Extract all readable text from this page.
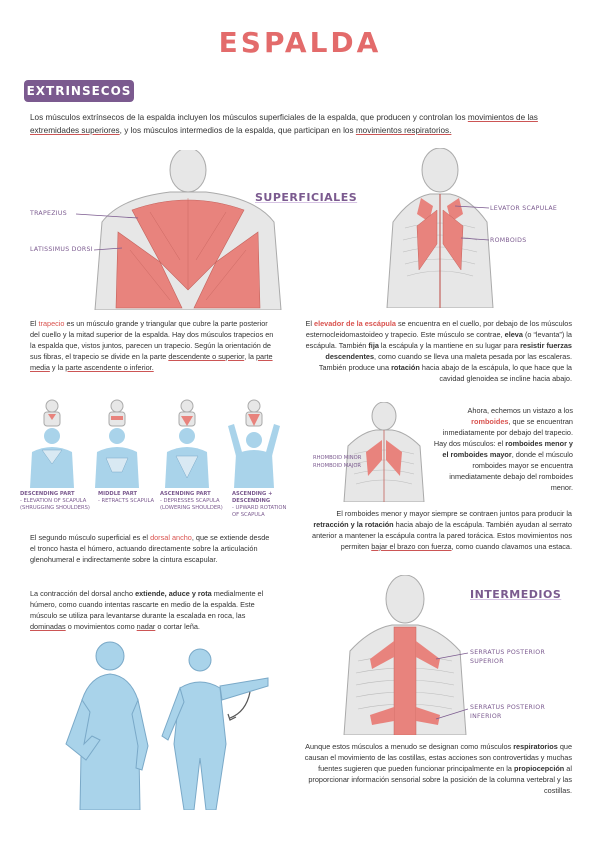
ESPALDA
EXTRINSECOS
Los músculos extrínsecos de la espalda incluyen los músculos superficiales de la espalda, que producen y controlan los movimientos de las extremidades superiores, y los músculos intermedios de la espalda, que participan en los movimientos respiratorios.
TRAPEZIUS
LATISSIMUS DORSI
SUPERFICIALES
LEVATOR SCAPULAE
ROMBOIDS
El trapecio es un músculo grande y triangular que cubre la parte posterior del cuello y la mitad superior de la espalda. Hay dos músculos trapecios en la espalda que, vistos juntos, parecen un trapecio. Según la orientación de sus fibras, el trapecio se divide en la parte descendente o superior, la parte media y la parte ascendente o inferior.
El elevador de la escápula se encuentra en el cuello, por debajo de los músculos esternocleidomastoideo y trapecio. Este músculo se contrae, eleva (o “levanta”) la escápula. También fija la escápula y la mantiene en su lugar para resistir fuerzas descendentes, como cuando se lleva una maleta pesada por las escaleras. También produce una rotación hacia abajo de la escápula, lo que hace que la cavidad glenoidea se incline hacia abajo.
DESCENDING PART
- ELEVATION OF SCAPULA
(SHRUGGING SHOULDERS)
MIDDLE PART
- RETRACTS SCAPULA
ASCENDING PART
- DEPRESSES SCAPULA
(LOWERING SHOULDER)
ASCENDING + DESCENDING
- UPWARD ROTATION
OF SCAPULA
RHOMBOID MINOR
RHOMBOID MAJOR
Ahora, echemos un vistazo a los romboides, que se encuentran inmediatamente por debajo del trapecio. Hay dos músculos: el romboides menor y el romboides mayor, donde el músculo romboides mayor se encuentra inmediatamente debajo del romboides menor.
El romboides menor y mayor siempre se contraen juntos para producir la retracción y la rotación hacia abajo de la escápula. También ayudan al serrato anterior a mantener la escápula contra la pared torácica. Estos movimientos nos permiten bajar el brazo con fuerza, como cuando clavamos una estaca.
El segundo músculo superficial es el dorsal ancho, que se extiende desde el tronco hasta el húmero, actuando directamente sobre la articulación glenohumeral e indirectamente sobre la cintura escapular.
La contracción del dorsal ancho extiende, aduce y rota medialmente el húmero, como cuando intentas rascarte en medio de la espalda. Este músculo se utiliza para levantarse durante la escalada en roca, las dominadas o movimientos como nadar o cortar leña.
INTERMEDIOS
SERRATUS POSTERIOR
SUPERIOR
SERRATUS POSTERIOR
INFERIOR
Aunque estos músculos a menudo se designan como músculos respiratorios que causan el movimiento de las costillas, estas acciones son controvertidas y muchas fuentes sugieren que pueden funcionar principalmente en la propiocepción al proporcionar información sensorial sobre la posición de la columna vertebral y las costillas.
